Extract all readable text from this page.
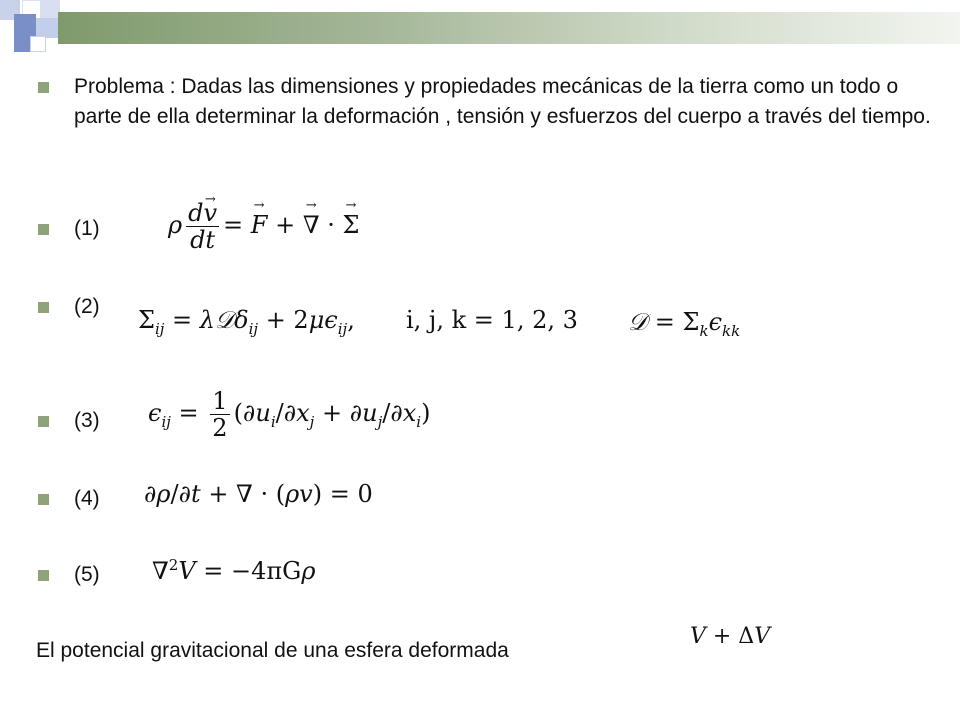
Problema : Dadas las dimensiones y propiedades mecánicas de la tierra como un todo o parte de ella determinar la deformación , tensión y esfuerzos del cuerpo a través del tiempo.
(1)	ρ $\frac{dv \to}{dt} = F$ → + ∇ → · Σ →
(2) $\Sigma_{ij}$ = λ𝒟δ$_{ij}$ + $2\mu\epsilon_{ij}$, i, j, k = 1, 2, 3 𝒟 = $\Sigma_k\epsilon_{kk}$
(3) $\epsilon_{ij} = \frac{1}{2} (\partial u_i/\partial x_j + \partial u_j/\partial x_i)$
(4) ∂ρ/∂t + ∇ · (ρv) = 0
(5) ∇$^2$V = −4πGρ
El potencial gravitacional de una esfera deformada
V + ΔV
